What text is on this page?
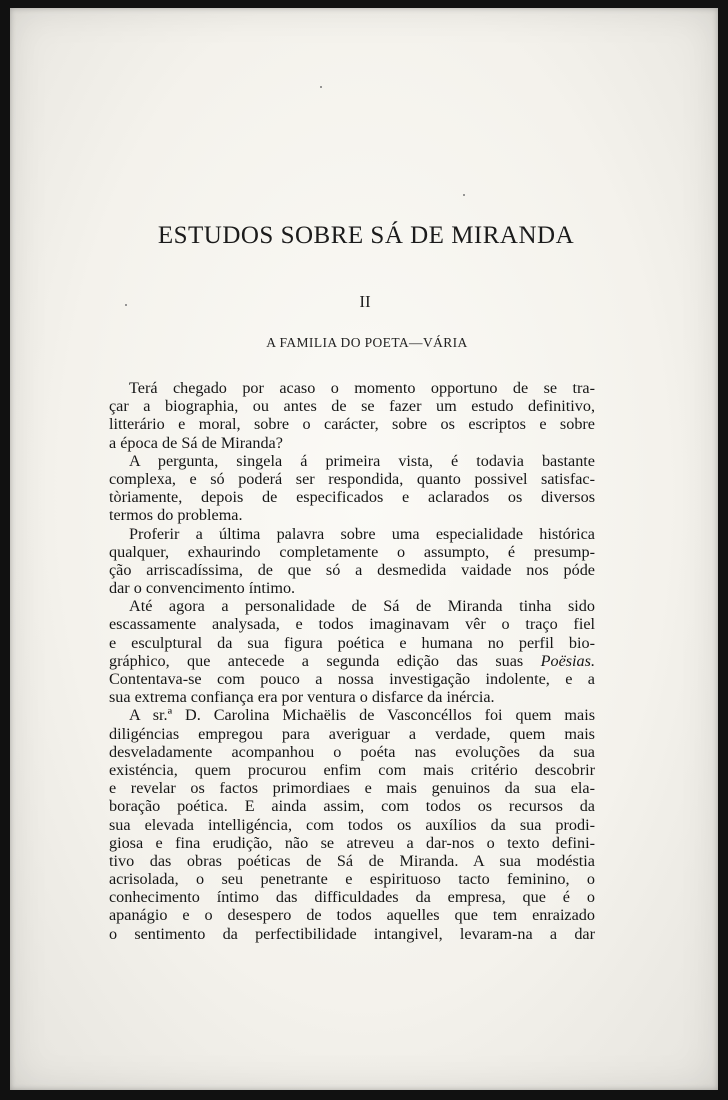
ESTUDOS SOBRE SÁ DE MIRANDA
II
A FAMILIA DO POETA—VÁRIA
Terá chegado por acaso o momento opportuno de se tra-
çar a biographia, ou antes de se fazer um estudo definitivo,
litterário e moral, sobre o carácter, sobre os escriptos e sobre
a época de Sá de Miranda?
A pergunta, singela á primeira vista, é todavia bastante
complexa, e só poderá ser respondida, quanto possivel satisfac-
tòriamente, depois de especificados e aclarados os diversos
termos do problema.
Proferir a última palavra sobre uma especialidade histórica
qualquer, exhaurindo completamente o assumpto, é presump-
ção arriscadíssima, de que só a desmedida vaidade nos póde
dar o convencimento íntimo.
Até agora a personalidade de Sá de Miranda tinha sido
escassamente analysada, e todos imaginavam vêr o traço fiel
e esculptural da sua figura poética e humana no perfil bio-
gráphico, que antecede a segunda edição das suas Poësias.
Contentava-se com pouco a nossa investigação indolente, e a
sua extrema confiança era por ventura o disfarce da inércia.
A sr.ª D. Carolina Michaëlis de Vasconcéllos foi quem mais
diligéncias empregou para averiguar a verdade, quem mais
desveladamente acompanhou o poéta nas evoluções da sua
existéncia, quem procurou enfim com mais critério descobrir
e revelar os factos primordiaes e mais genuinos da sua ela-
boração poética. E ainda assim, com todos os recursos da
sua elevada intelligéncia, com todos os auxílios da sua prodi-
giosa e fina erudição, não se atreveu a dar-nos o texto defini-
tivo das obras poéticas de Sá de Miranda. A sua modéstia
acrisolada, o seu penetrante e espirituoso tacto feminino, o
conhecimento íntimo das difficuldades da empresa, que é o
apanágio e o desespero de todos aquelles que tem enraizado
o sentimento da perfectibilidade intangivel, levaram-na a dar
